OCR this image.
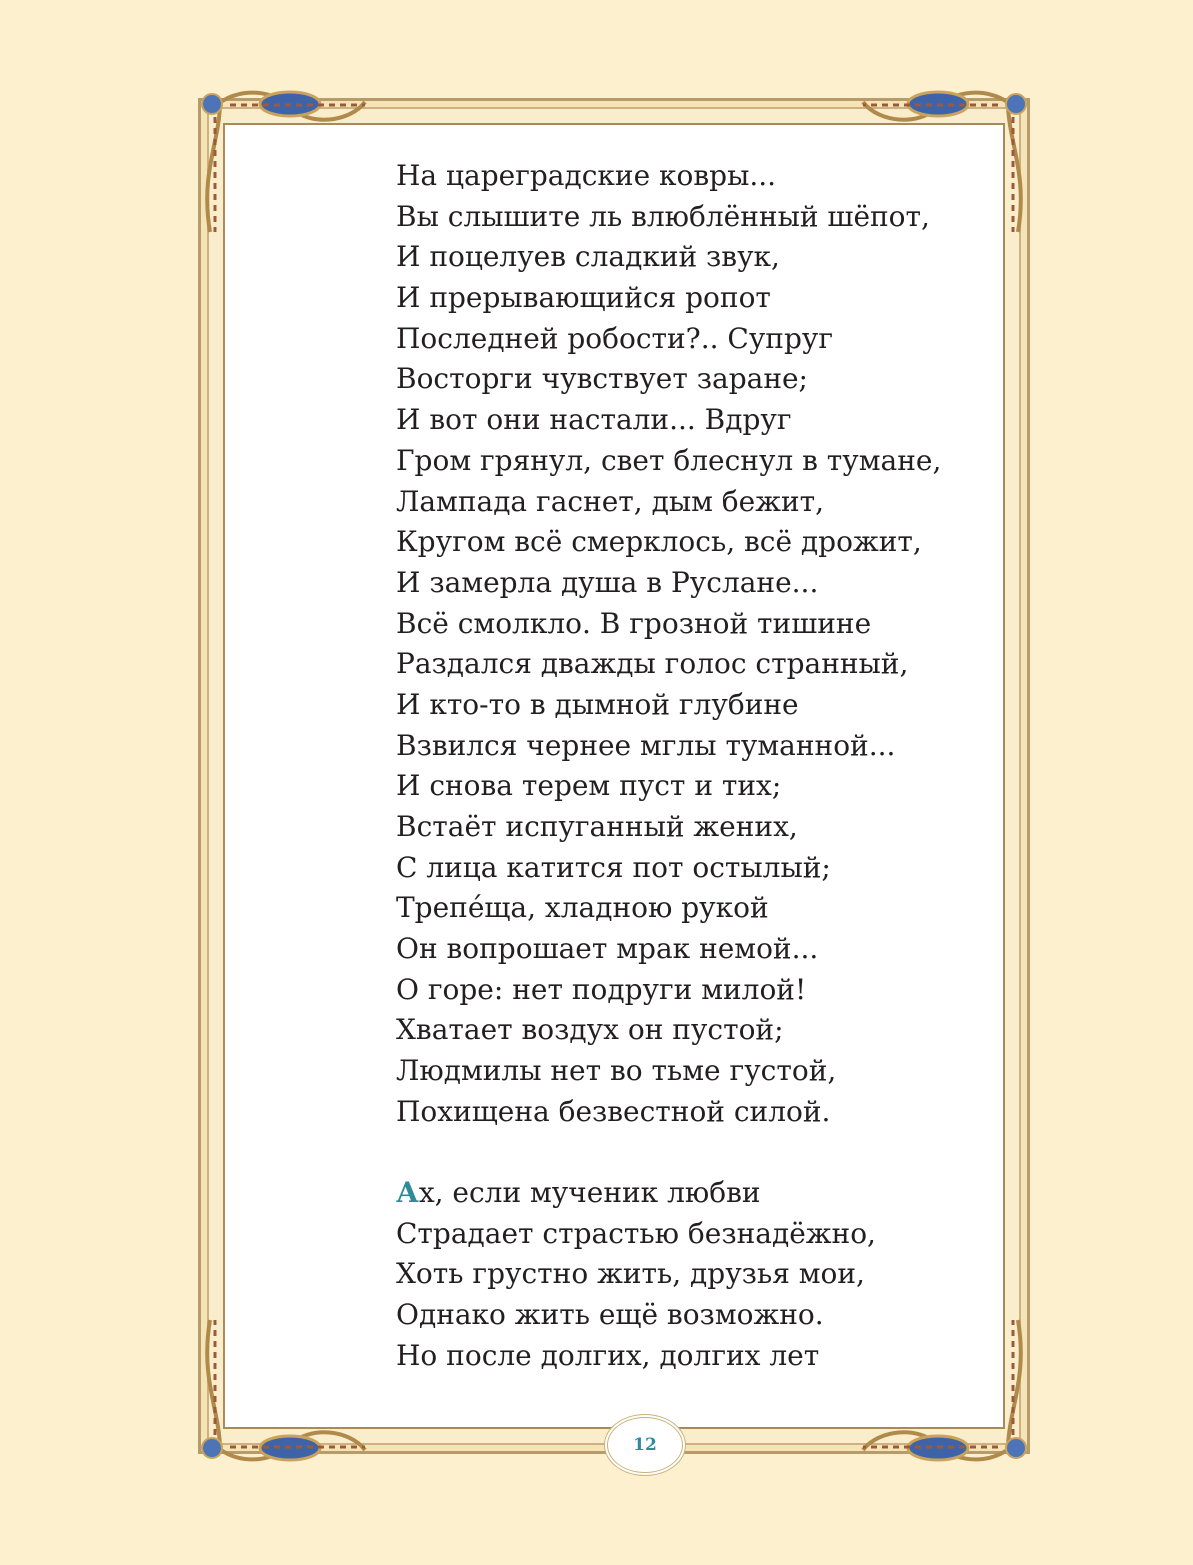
На цареградские ковры...
Вы слышите ль влюблённый шёпот,
И поцелуев сладкий звук,
И прерывающийся ропот
Последней робости?.. Супруг
Восторги чувствует заране;
И вот они настали... Вдруг
Гром грянул, свет блеснул в тумане,
Лампада гаснет, дым бежит,
Кругом всё смерклось, всё дрожит,
И замерла душа в Руслане...
Всё смолкло. В грозной тишине
Раздался дважды голос странный,
И кто-то в дымной глубине
Взвился чернее мглы туманной...
И снова терем пуст и тих;
Встаёт испуганный жених,
С лица катится пот остылый;
Трепе́ща, хладною рукой
Он вопрошает мрак немой...
О горе: нет подруги милой!
Хватает воздух он пустой;
Людмилы нет во тьме густой,
Похищена безвестной силой.
Ах, если мученик любви
Страдает страстью безнадёжно,
Хоть грустно жить, друзья мои,
Однако жить ещё возможно.
Но после долгих, долгих лет
12
